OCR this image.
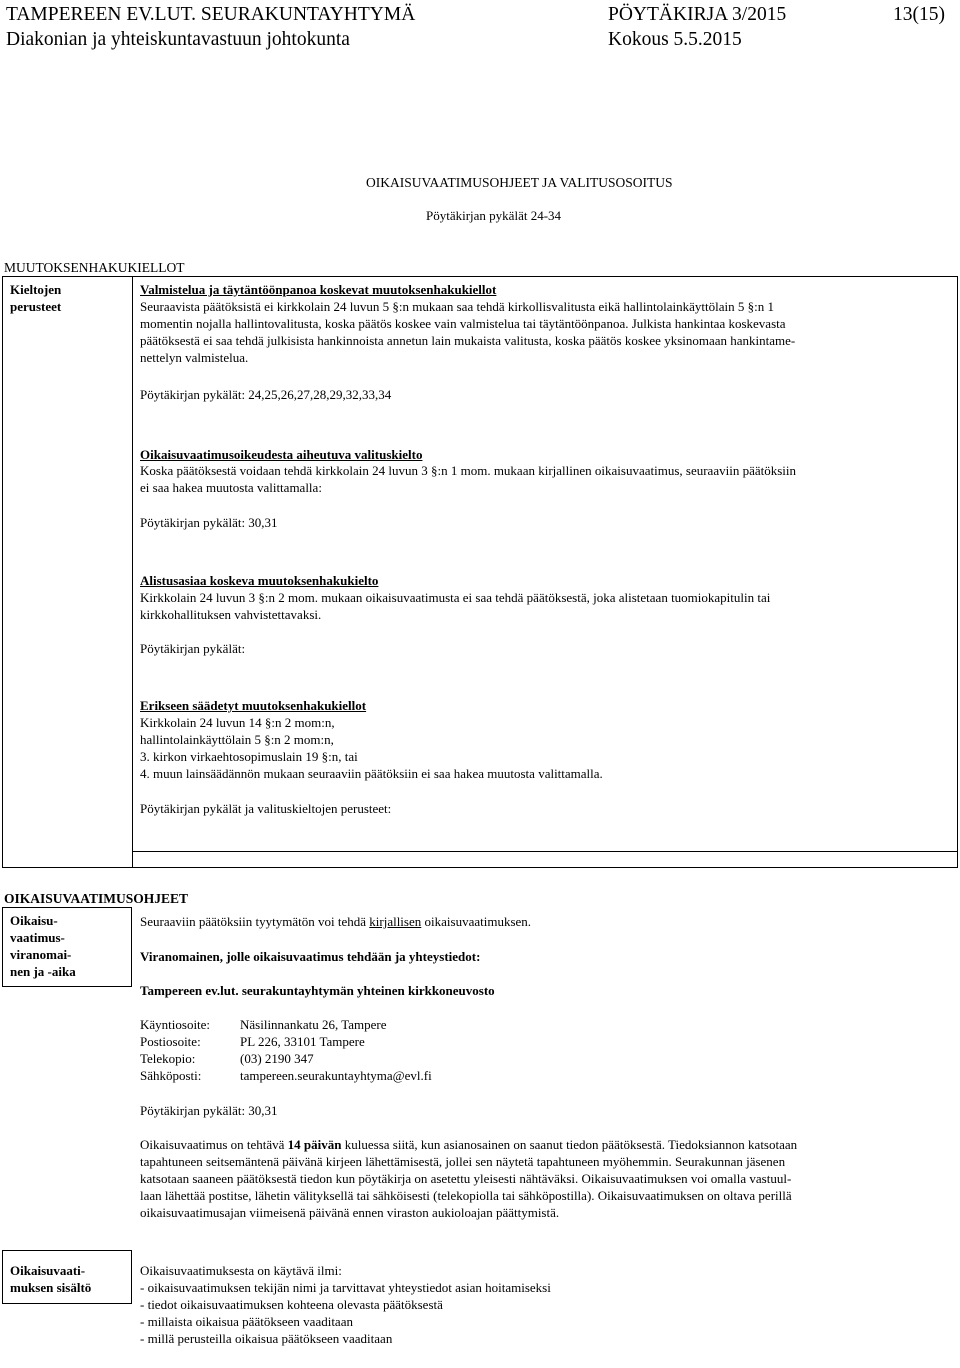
TAMPEREEN EV.LUT. SEURAKUNTAYHTYMÄ	PÖYTÄKIRJA 3/2015	13(15)
Diakonian ja yhteiskuntavastuun johtokunta	Kokous 5.5.2015
OIKAISUVAATIMUSOHJEET JA VALITUSOSOITUS
Pöytäkirjan pykälät 24-34
MUUTOKSENHAKUKIELLOT
Kieltojen
perusteet
Valmistelua ja täytäntöönpanoa koskevat muutoksenhakukiellot
Seuraavista päätöksistä ei kirkkolain 24 luvun 5 §:n mukaan saa tehdä kirkollisvalitusta eikä hallintolainkäyttölain 5 §:n 1
momentin nojalla hallintovalitusta, koska päätös koskee vain valmistelua tai täytäntöönpanoa. Julkista hankintaa koskevasta
päätöksestä ei saa tehdä julkisista hankinnoista annetun lain mukaista valitusta, koska päätös koskee yksinomaan hankintame-
nettelyn valmistelua.
Pöytäkirjan pykälät: 24,25,26,27,28,29,32,33,34
Oikaisuvaatimusoikeudesta aiheutuva valituskielto
Koska päätöksestä voidaan tehdä kirkkolain 24 luvun 3 §:n 1 mom. mukaan kirjallinen oikaisuvaatimus, seuraaviin päätöksiin
ei saa hakea muutosta valittamalla:
Pöytäkirjan pykälät: 30,31
Alistusasiaa koskeva muutoksenhakukielto
Kirkkolain 24 luvun 3 §:n 2 mom. mukaan oikaisuvaatimusta ei saa tehdä päätöksestä, joka alistetaan tuomiokapitulin tai
kirkkohallituksen vahvistettavaksi.
Pöytäkirjan pykälät:
Erikseen säädetyt muutoksenhakukiellot
Kirkkolain 24 luvun 14 §:n 2 mom:n,
hallintolainkäyttölain 5 §:n 2 mom:n,
3. kirkon virkaehtosopimuslain 19 §:n, tai
4. muun lainsäädännön mukaan seuraaviin päätöksiin ei saa hakea muutosta valittamalla.
Pöytäkirjan pykälät ja valituskieltojen perusteet:
OIKAISUVAATIMUSOHJEET
Oikaisu-
vaatimus-
viranomai-
nen ja -aika
Seuraaviin päätöksiin tyytymätön voi tehdä kirjallisen oikaisuvaatimuksen.
Viranomainen, jolle oikaisuvaatimus tehdään ja yhteystiedot:
Tampereen ev.lut. seurakuntayhtymän yhteinen kirkkoneuvosto
Käyntiosoite: Näsilinnankatu 26, Tampere
Postiosoite:	PL 226, 33101 Tampere
Telekopio:	(03) 2190 347
Sähköposti:	tampereen.seurakuntayhtyma@evl.fi
Pöytäkirjan pykälät: 30,31
Oikaisuvaatimus on tehtävä 14 päivän kuluessa siitä, kun asianosainen on saanut tiedon päätöksestä. Tiedoksiannon katsotaan
tapahtuneen seitsemäntenä päivänä kirjeen lähettämisestä, jollei sen näytetä tapahtuneen myöhemmin. Seurakunnan jäsenen
katsotaan saaneen päätöksestä tiedon kun pöytäkirja on asetettu yleisesti nähtäväksi. Oikaisuvaatimuksen voi omalla vastuul-
laan lähettää postitse, lähetin välityksellä tai sähköisesti (telekopiolla tai sähköpostilla). Oikaisuvaatimuksen on oltava perillä
oikaisuvaatimusajan viimeisenä päivänä ennen viraston aukioloajan päättymistä.
Oikaisuvaati-
muksen sisältö
Oikaisuvaatimuksesta on käytävä ilmi:
- oikaisuvaatimuksen tekijän nimi ja tarvittavat yhteystiedot asian hoitamiseksi
- tiedot oikaisuvaatimuksen kohteena olevasta päätöksestä
- millaista oikaisua päätökseen vaaditaan
- millä perusteilla oikaisua päätökseen vaaditaan
